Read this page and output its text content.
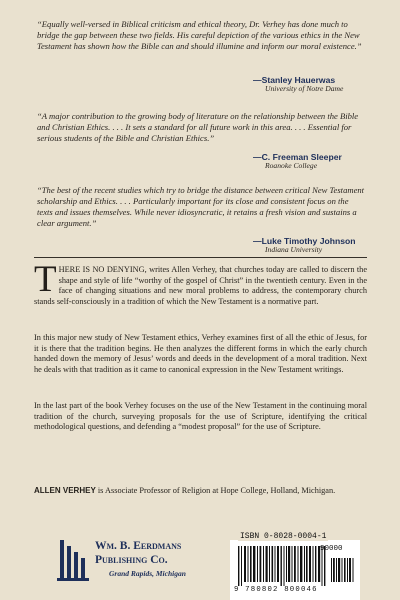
“Equally well-versed in Biblical criticism and ethical theory, Dr. Verhey has done much to bridge the gap between these two fields. His careful depiction of the various ethics in the New Testament has shown how the Bible can and should illumine and inform our moral existence.”
—Stanley Hauerwas
University of Notre Dame
“A major contribution to the growing body of literature on the relationship between the Bible and Christian Ethics. . . . It sets a standard for all future work in this area. . . . Essential for serious students of the Bible and Christian Ethics.”
—C. Freeman Sleeper
Roanoke College
“The best of the recent studies which try to bridge the distance between critical New Testament scholarship and Ethics. . . . Particularly important for its close and consistent focus on the texts and issues themselves. While never idiosyncratic, it retains a fresh vision and sustains a clear argument.”
—Luke Timothy Johnson
Indiana University
THERE IS NO DENYING, writes Allen Verhey, that churches today are called to discern the shape and style of life “worthy of the gospel of Christ” in the twentieth century. Even in the face of changing situations and new moral problems to address, the contemporary church stands self-consciously in a tradition of which the New Testament is a normative part.
In this major new study of New Testament ethics, Verhey examines first of all the ethic of Jesus, for it is there that the tradition begins. He then analyzes the different forms in which the early church handed down the memory of Jesus’ words and deeds in the development of a moral tradition. Next he deals with that tradition as it came to canonical expression in the New Testament writings.
In the last part of the book Verhey focuses on the use of the New Testament in the continuing moral tradition of the church, surveying proposals for the use of Scripture, identifying the critical methodological questions, and defending a “modest proposal” for the use of Scripture.
ALLEN VERHEY is Associate Professor of Religion at Hope College, Holland, Michigan.
Wm. B. Eerdmans
Publishing Co.
Grand Rapids, Michigan
ISBN 0-8028-0004-1
90000
9 780802 800046
